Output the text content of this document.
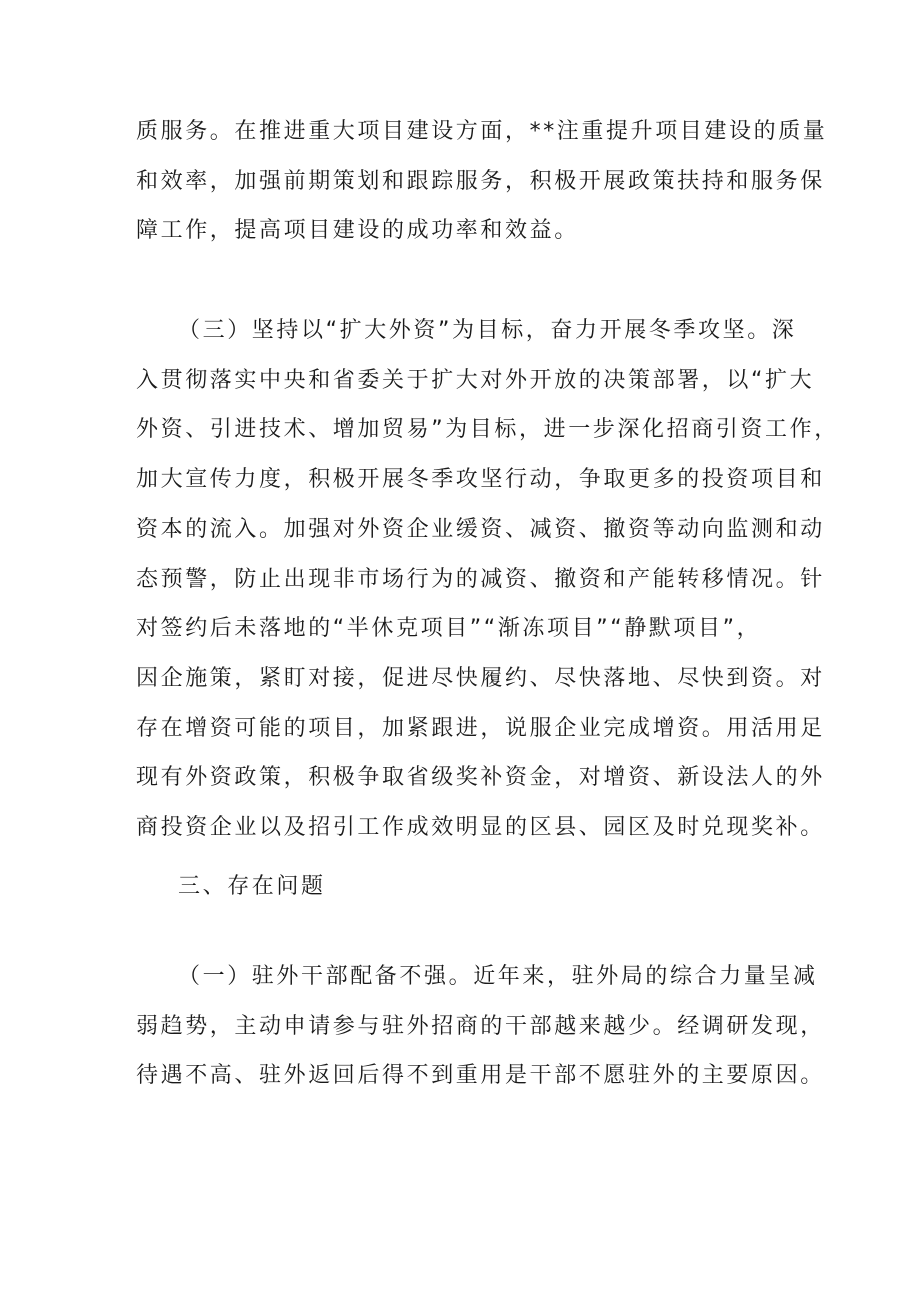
质服务。在推进重大项目建设方面，**注重提升项目建设的质量
和效率，加强前期策划和跟踪服务，积极开展政策扶持和服务保
障工作，提高项目建设的成功率和效益。
（三）坚持以“扩大外资”为目标，奋力开展冬季攻坚。深
入贯彻落实中央和省委关于扩大对外开放的决策部署，以“扩大
外资、引进技术、增加贸易”为目标，进一步深化招商引资工作，
加大宣传力度，积极开展冬季攻坚行动，争取更多的投资项目和
资本的流入。加强对外资企业缓资、减资、撤资等动向监测和动
态预警，防止出现非市场行为的减资、撤资和产能转移情况。针
对签约后未落地的“半休克项目”“渐冻项目”“静默项目”，
因企施策，紧盯对接，促进尽快履约、尽快落地、尽快到资。对
存在增资可能的项目，加紧跟进，说服企业完成增资。用活用足
现有外资政策，积极争取省级奖补资金，对增资、新设法人的外
商投资企业以及招引工作成效明显的区县、园区及时兑现奖补。
三、存在问题
（一）驻外干部配备不强。近年来，驻外局的综合力量呈减
弱趋势，主动申请参与驻外招商的干部越来越少。经调研发现，
待遇不高、驻外返回后得不到重用是干部不愿驻外的主要原因。
